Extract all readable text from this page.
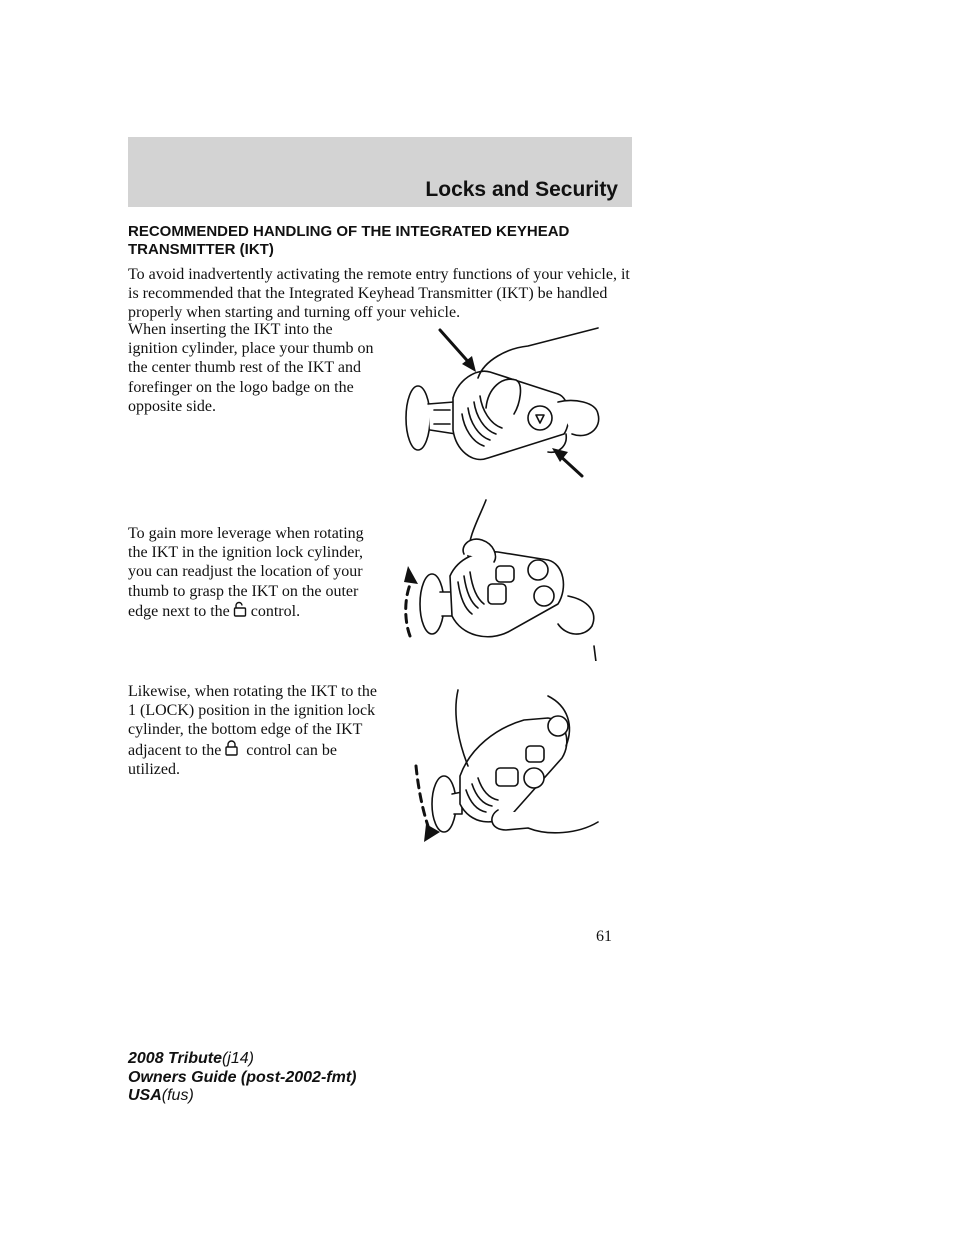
Locks and Security
RECOMMENDED HANDLING OF THE INTEGRATED KEYHEAD TRANSMITTER (IKT)

To avoid inadvertently activating the remote entry functions of your vehicle, it is recommended that the Integrated Keyhead Transmitter (IKT) be handled properly when starting and turning off your vehicle.

When inserting the IKT into the ignition cylinder, place your thumb on the center thumb rest of the IKT and forefinger on the logo badge on the opposite side.

To gain more leverage when rotating the IKT in the ignition lock cylinder, you can readjust the location of your thumb to grasp the IKT on the outer edge next to the control.

Likewise, when rotating the IKT to the 1 (LOCK) position in the ignition lock cylinder, the bottom edge of the IKT adjacent to the control can be utilized.

61
2008 Tribute(j14)
Owners Guide (post-2002-fmt)
USA(fus)
